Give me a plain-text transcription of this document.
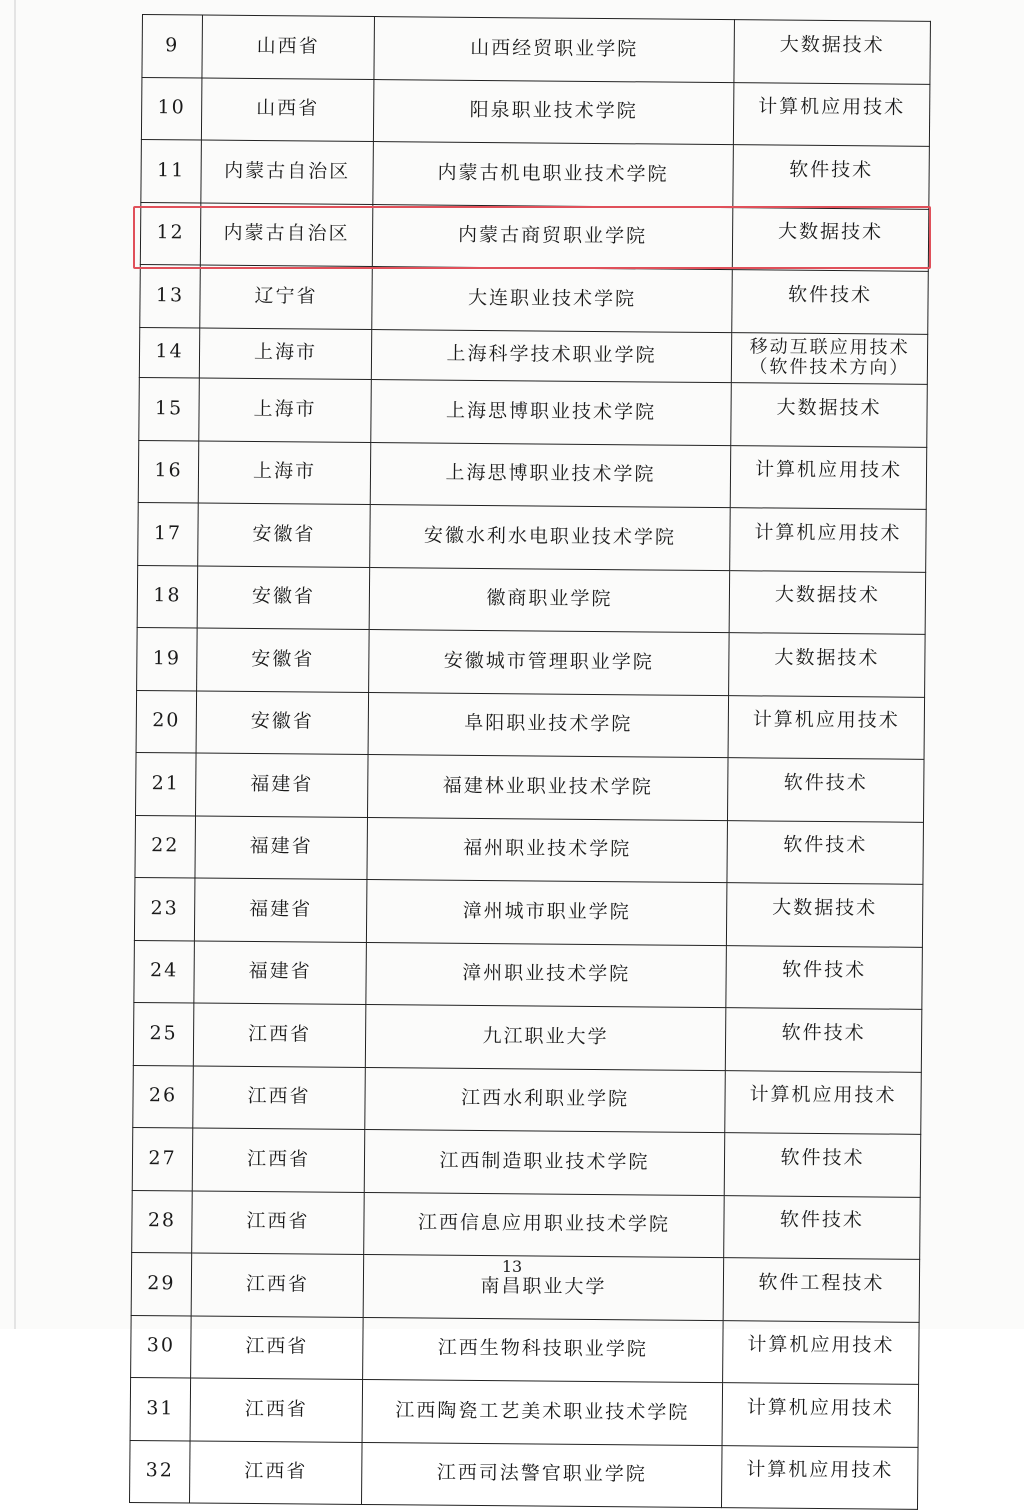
9	山西省	山西经贸职业学院	大数据技术
10	山西省	阳泉职业技术学院	计算机应用技术
11	内蒙古自治区	内蒙古机电职业技术学院	软件技术
12	内蒙古自治区	内蒙古商贸职业学院	大数据技术
13	辽宁省	大连职业技术学院	软件技术
14	上海市	上海科学技术职业学院	移动互联应用技术（软件技术方向）
15	上海市	上海思博职业技术学院	大数据技术
16	上海市	上海思博职业技术学院	计算机应用技术
17	安徽省	安徽水利水电职业技术学院	计算机应用技术
18	安徽省	徽商职业学院	大数据技术
19	安徽省	安徽城市管理职业学院	大数据技术
20	安徽省	阜阳职业技术学院	计算机应用技术
21	福建省	福建林业职业技术学院	软件技术
22	福建省	福州职业技术学院	软件技术
23	福建省	漳州城市职业学院	大数据技术
24	福建省	漳州职业技术学院	软件技术
25	江西省	九江职业大学	软件技术
26	江西省	江西水利职业学院	计算机应用技术
27	江西省	江西制造职业技术学院	软件技术
28	江西省	江西信息应用职业技术学院	软件技术
29	江西省	南昌职业大学	软件工程技术
30	江西省	江西生物科技职业学院	计算机应用技术
31	江西省	江西陶瓷工艺美术职业技术学院	计算机应用技术
32	江西省	江西司法警官职业学院	计算机应用技术
13
